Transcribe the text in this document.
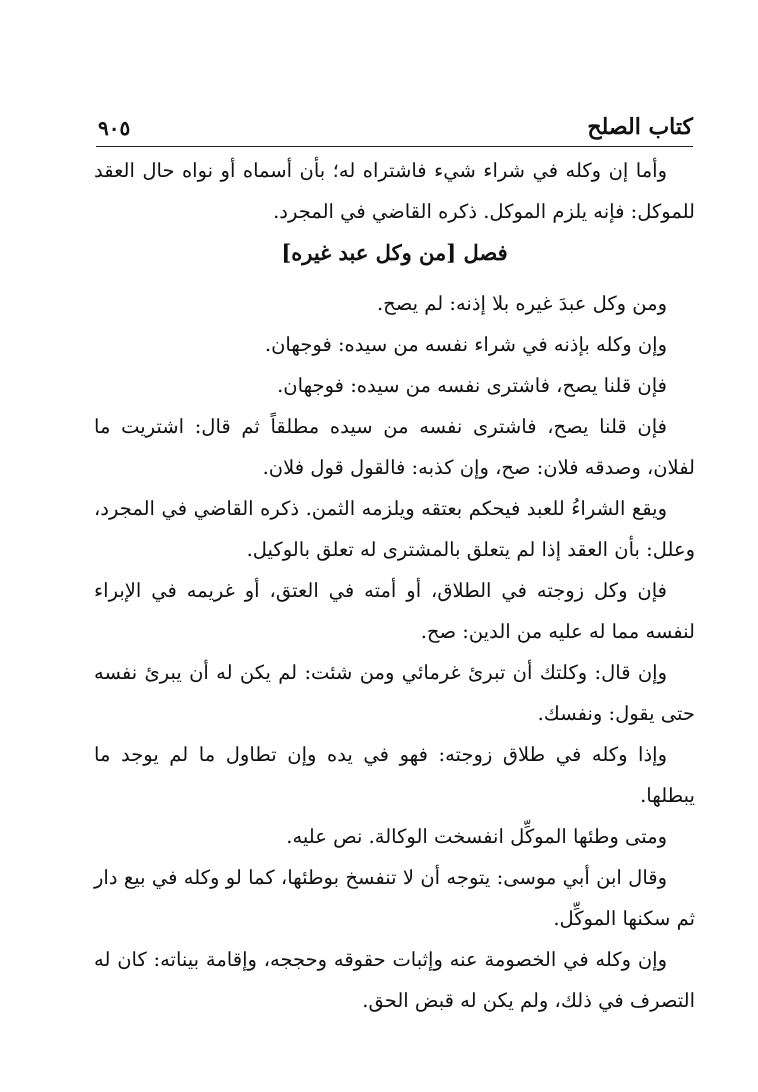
كتاب الصلح
٩٠٥

وأما إن وكله في شراء شيء فاشتراه له؛ بأن أسماه أو نواه حال العقد للموكل: فإنه يلزم الموكل. ذكره القاضي في المجرد.

فصل [من وكل عبد غيره]

ومن وكل عبدَ غيره بلا إذنه: لم يصح.

وإن وكله بإذنه في شراء نفسه من سيده: فوجهان.

فإن قلنا يصح، فاشترى نفسه من سيده: فوجهان.

فإن قلنا يصح، فاشترى نفسه من سيده مطلقاً ثم قال: اشتريت ما لفلان، وصدقه فلان: صح، وإن كذبه: فالقول قول فلان.

ويقع الشراءُ للعبد فيحكم بعتقه ويلزمه الثمن. ذكره القاضي في المجرد، وعلل: بأن العقد إذا لم يتعلق بالمشترى له تعلق بالوكيل.

فإن وكل زوجته في الطلاق، أو أمته في العتق، أو غريمه في الإبراء لنفسه مما له عليه من الدين: صح.

وإن قال: وكلتك أن تبرئ غرمائي ومن شئت: لم يكن له أن يبرئ نفسه حتى يقول: ونفسك.

وإذا وكله في طلاق زوجته: فهو في يده وإن تطاول ما لم يوجد ما يبطلها.

ومتى وطئها الموكِّل انفسخت الوكالة. نص عليه.

وقال ابن أبي موسى: يتوجه أن لا تنفسخ بوطئها، كما لو وكله في بيع دار ثم سكنها الموكِّل.

وإن وكله في الخصومة عنه وإثبات حقوقه وحججه، وإقامة بيناته: كان له التصرف في ذلك، ولم يكن له قبض الحق.
